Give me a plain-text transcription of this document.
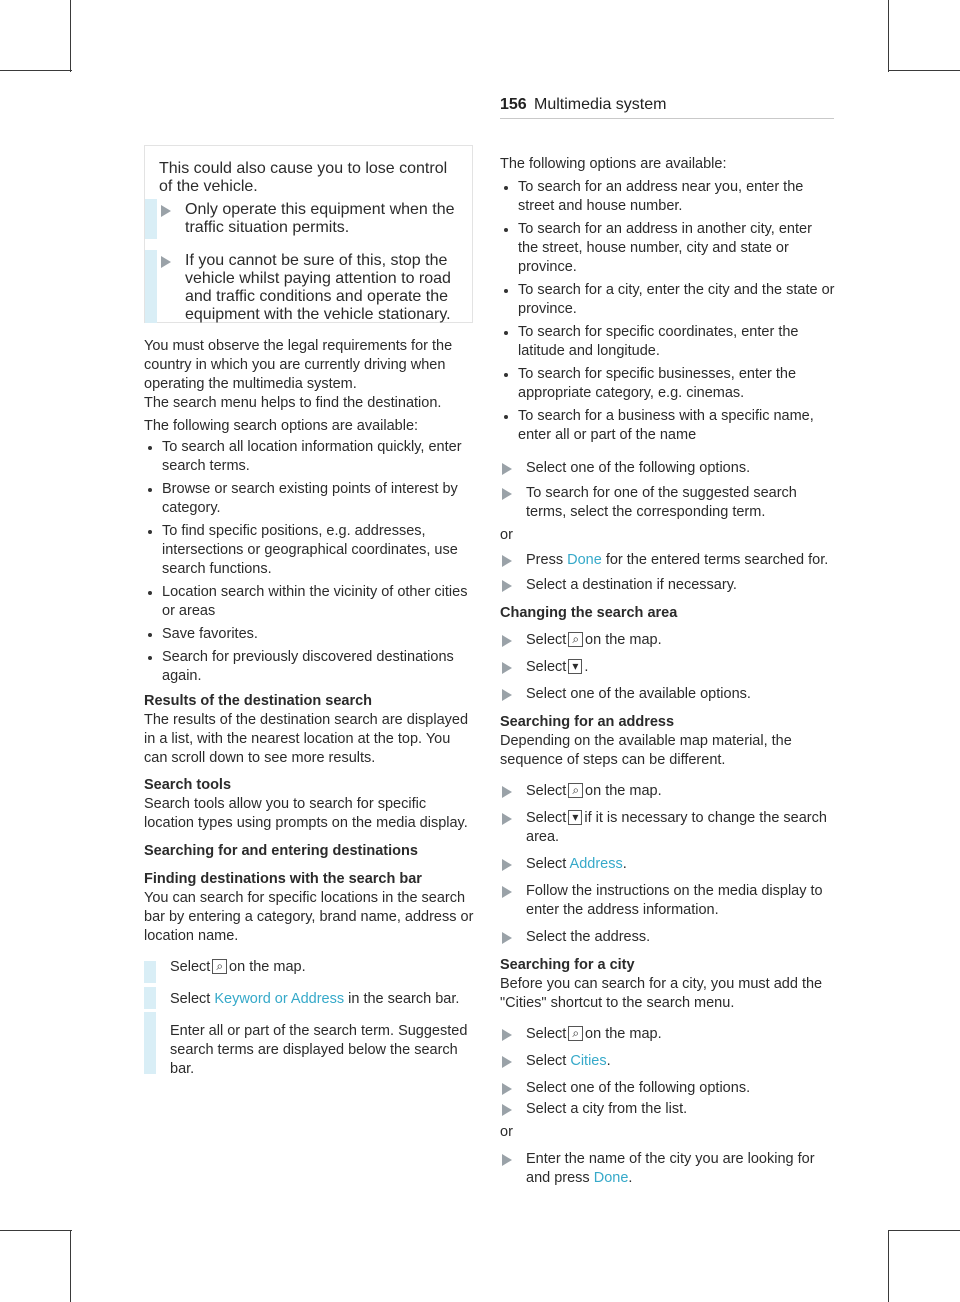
156 Multimedia system

This could also cause you to lose control of the vehicle.

Only operate this equipment when the traffic situation permits.

If you cannot be sure of this, stop the vehicle whilst paying attention to road and traffic conditions and operate the equipment with the vehicle stationary.

You must observe the legal requirements for the country in which you are currently driving when operating the multimedia system.

The search menu helps to find the destination.

The following search options are available:

To search all location information quickly, enter search terms.

Browse or search existing points of interest by category.

To find specific positions, e.g. addresses, intersections or geographical coordinates, use search functions.

Location search within the vicinity of other cities or areas

Save favorites.

Search for previously discovered destinations again.

Results of the destination search

The results of the destination search are displayed in a list, with the nearest location at the top. You can scroll down to see more results.

Search tools

Search tools allow you to search for specific location types using prompts on the media display.

Searching for and entering destinations

Finding destinations with the search bar

You can search for specific locations in the search bar by entering a category, brand name, address or location name.

Select ⌕ on the map.

Select Keyword or Address in the search bar.

Enter all or part of the search term. Suggested search terms are displayed below the search bar.

The following options are available:

To search for an address near you, enter the street and house number.

To search for an address in another city, enter the street, house number, city and state or province.

To search for a city, enter the city and the state or province.

To search for specific coordinates, enter the latitude and longitude.

To search for specific businesses, enter the appropriate category, e.g. cinemas.

To search for a business with a specific name, enter all or part of the name

Select one of the following options.

To search for one of the suggested search terms, select the corresponding term.

or

Press Done for the entered terms searched for.

Select a destination if necessary.

Changing the search area

Select ⌕ on the map.

Select ▾ .

Select one of the available options.

Searching for an address

Depending on the available map material, the sequence of steps can be different.

Select ⌕ on the map.

Select ▾ if it is necessary to change the search area.

Select Address.

Follow the instructions on the media display to enter the address information.

Select the address.

Searching for a city

Before you can search for a city, you must add the "Cities" shortcut to the search menu.

Select ⌕ on the map.

Select Cities.

Select one of the following options.

Select a city from the list.

or

Enter the name of the city you are looking for and press Done.
